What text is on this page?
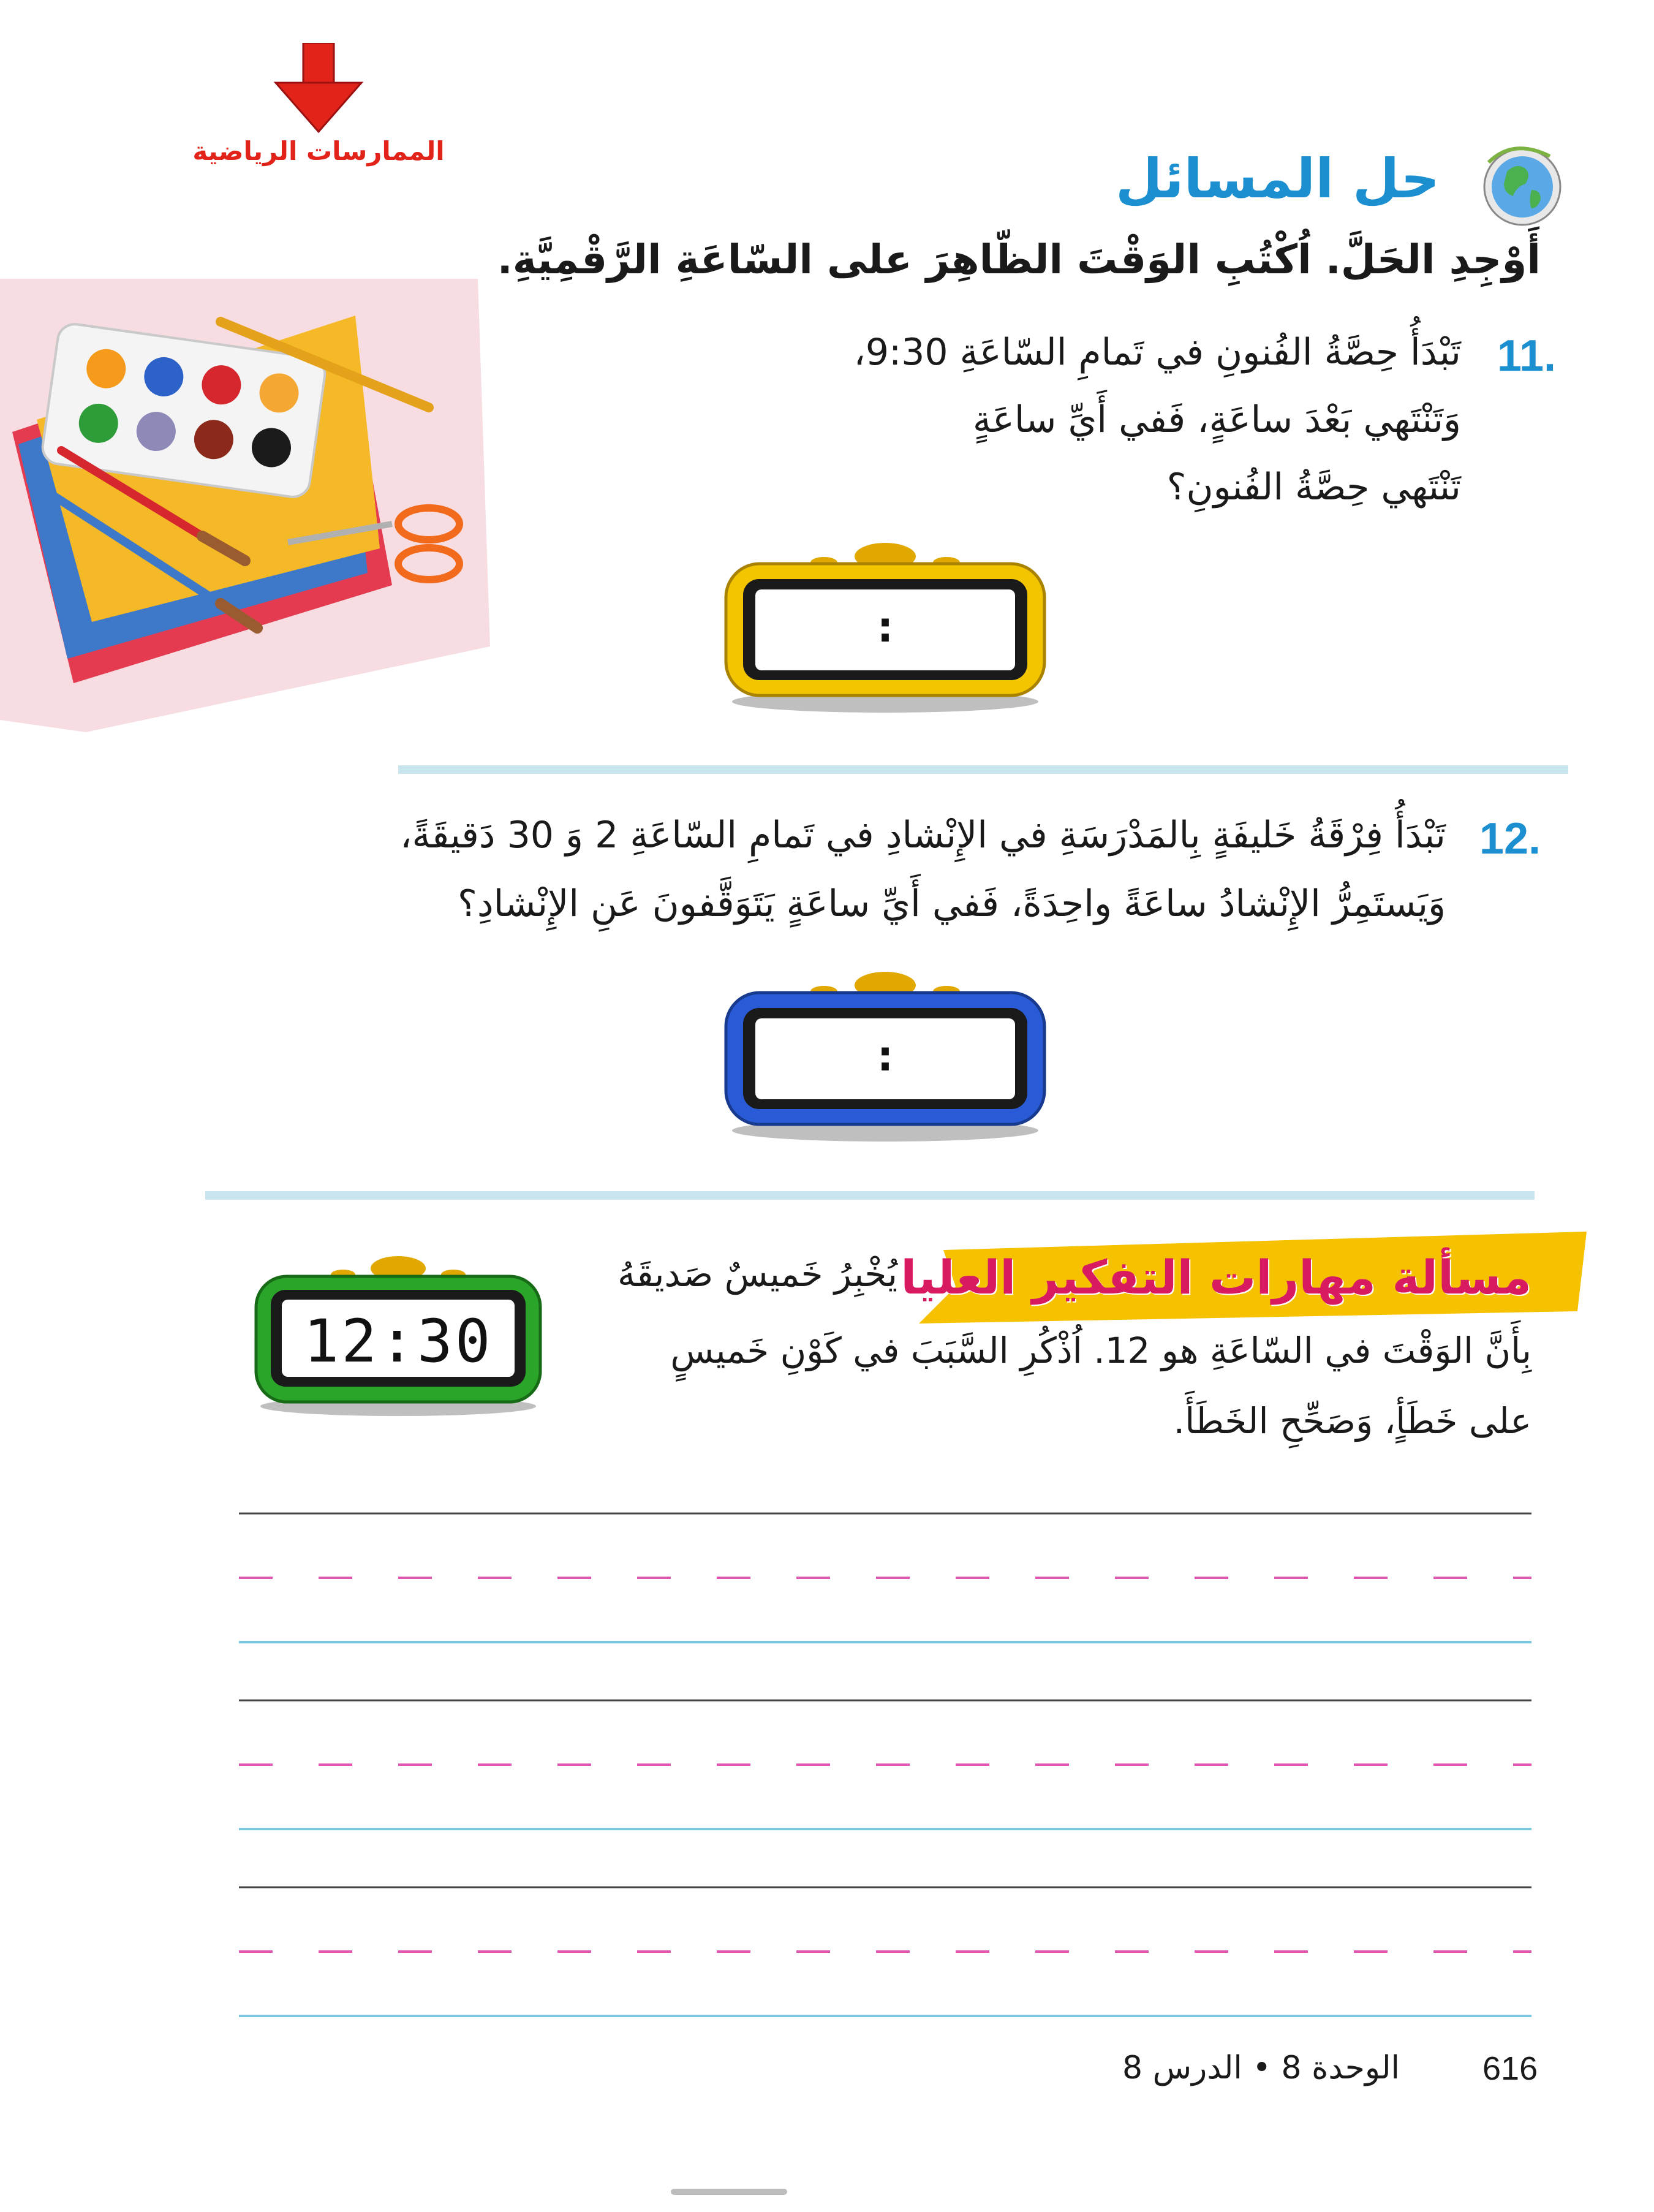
الممارسات الرياضية	حل المسائل
أَوْجِدِ الحَلَّ. اُكْتُبِ الوَقْتَ الظّاهِرَ على السّاعَةِ الرَّقْمِيَّةِ.
11.
تَبْدَأُ حِصَّةُ الفُنونِ في تَمامِ السّاعَةِ 9:30،
وَتَنْتَهي بَعْدَ ساعَةٍ، فَفي أَيِّ ساعَةٍ
تَنْتَهي حِصَّةُ الفُنونِ؟
:
12.
تَبْدَأُ فِرْقَةُ خَليفَةٍ بِالمَدْرَسَةِ في الإِنْشادِ في تَمامِ السّاعَةِ 2 وَ 30 دَقيقَةً،
وَيَستَمِرُّ الإِنْشادُ ساعَةً واحِدَةً، فَفي أَيِّ ساعَةٍ يَتَوَقَّفونَ عَنِ الإِنْشادِ؟
:
مسألة مهارات التفكير العليا
يُخْبِرُ خَميسٌ صَديقَهُ
بِأَنَّ الوَقْتَ في السّاعَةِ هو 12. اُذْكُرِ السَّبَبَ في كَوْنِ خَميسٍ
على خَطَأٍ، وَصَحِّحِ الخَطَأَ.
12:30
616
الوحدة 8 • الدرس 8
